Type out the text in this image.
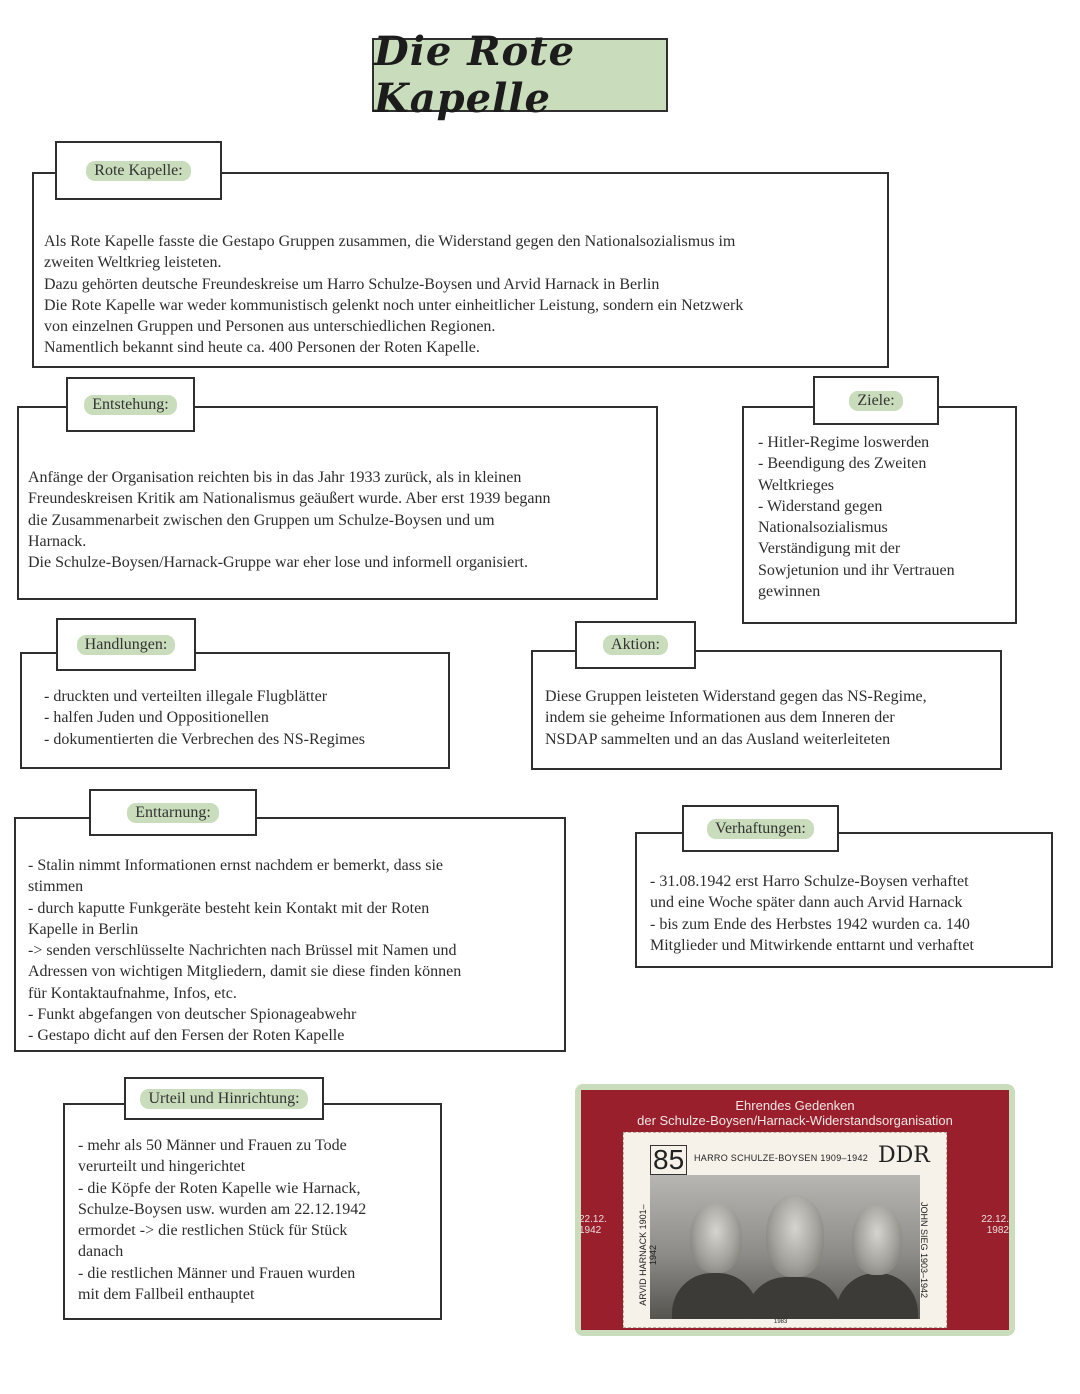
Die Rote Kapelle
Rote Kapelle:
Als Rote Kapelle fasste die Gestapo Gruppen zusammen, die Widerstand gegen den Nationalsozialismus im
zweiten Weltkrieg leisteten.
Dazu gehörten deutsche Freundeskreise um Harro Schulze-Boysen und Arvid Harnack in Berlin
Die Rote Kapelle war weder kommunistisch gelenkt noch unter einheitlicher Leistung, sondern ein Netzwerk
von einzelnen Gruppen und Personen aus unterschiedlichen Regionen.
Namentlich bekannt sind heute ca. 400 Personen der Roten Kapelle.
Entstehung:
Anfänge der Organisation reichten bis in das Jahr 1933 zurück, als in kleinen
Freundeskreisen Kritik am Nationalismus geäußert wurde. Aber erst 1939 begann
die Zusammenarbeit zwischen den Gruppen um Schulze-Boysen und um
Harnack.
Die Schulze-Boysen/Harnack-Gruppe war eher lose und informell organisiert.
Ziele:
- Hitler-Regime loswerden
- Beendigung des Zweiten
Weltkrieges
- Widerstand gegen
Nationalsozialismus
Verständigung mit der
Sowjetunion und ihr Vertrauen
gewinnen
Handlungen:
- druckten und verteilten illegale Flugblätter
- halfen Juden und Oppositionellen
- dokumentierten die Verbrechen des NS-Regimes
Aktion:
Diese Gruppen leisteten Widerstand gegen das NS-Regime,
indem sie geheime Informationen aus dem Inneren der
NSDAP sammelten und an das Ausland weiterleiteten
Enttarnung:
- Stalin nimmt Informationen ernst nachdem er bemerkt, dass sie
stimmen
- durch kaputte Funkgeräte besteht kein Kontakt mit der Roten
Kapelle in Berlin
-> senden verschlüsselte Nachrichten nach Brüssel mit Namen und
Adressen von wichtigen Mitgliedern, damit sie diese finden können
für Kontaktaufnahme, Infos, etc.
- Funkt abgefangen von deutscher Spionageabwehr
- Gestapo dicht auf den Fersen der Roten Kapelle
Verhaftungen:
- 31.08.1942 erst Harro Schulze-Boysen verhaftet
und eine Woche später dann auch Arvid Harnack
- bis zum Ende des Herbstes 1942 wurden ca. 140
Mitglieder und Mitwirkende enttarnt und verhaftet
Urteil und Hinrichtung:
- mehr als 50 Männer und Frauen zu Tode
verurteilt und hingerichtet
- die Köpfe der Roten Kapelle wie Harnack,
Schulze-Boysen usw. wurden am 22.12.1942
ermordet -> die restlichen Stück für Stück
danach
- die restlichen Männer und Frauen wurden
mit dem Fallbeil enthauptet
Ehrendes Gedenken
der Schulze-Boysen/Harnack-Widerstandsorganisation
22.12. 1942
22.12. 1982
85	HARRO SCHULZE-BOYSEN 1909–1942 DDR
ARVID HARNACK 1901–1942	JOHN SIEG 1903–1942
1983
